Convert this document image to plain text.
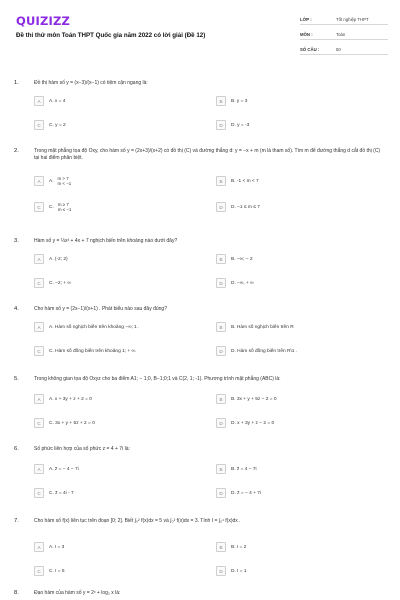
QUIZIZZ
Đề thi thử môn Toán THPT Quốc gia năm 2022 có lời giải (Đề 12)
LỚP :	Tốt nghiệp THPT
MÔN :	Toán
SỐ CÂU :	50
1.	Đồ thị hàm số y = (x−3)/(x−1) có tiệm cận ngang là:
A	A. x = 4	B	B. y = 3
C	C. y = 2	D	D. y = -3
2.	Trong mặt phẳng tọa độ Oxy, cho hàm số y = (2x+3)/(x+2) có đồ thị (C) và đường thẳng d: y = −x + m (m là tham số). Tìm m để đường thẳng d cắt đồ thị (C) tại hai điểm phân biệt.
A	A.
m > 7
m < −1	B	B. -1 < m < 7
C	C.
m ≥ 7
m ≤ −1	D	D. −1 ≤ m ≤ 7
3.	Hàm số y = ⅓x³ + 4x + 7 nghịch biến trên khoảng nào dưới đây?
A	A. (-2; 2)	B	B. −∞; − 2
C	C. −2; + ∞	D	D. −∞, + ∞
4.	Cho hàm số y = (2x−1)/(x+1) . Phát biểu nào sau đây đúng?
A	A. Hàm số nghịch biến trên khoảng −∞; 1 .	B	B. Hàm số nghịch biến trên R
C	C. Hàm số đồng biến trên khoảng 1; + ∞.	D	D. Hàm số đồng biến trên R\1 .
5.	Trong không gian tọa độ Oxyz cho ba điểm A1; − 1;0, B−1;0;1 và C(2, 1; -1). Phương trình mặt phẳng (ABC) là:
A	A. x + 3y + z + 2 = 0	B	B. 3x + y + 5z − 2 = 0
C	C. 3x + y + 5z + 2 = 0	D	D. x + 3y + z − 2 = 0
6.	Số phức liên hợp của số phức z = 4 + 7i là:
A	A. z̄ = − 4 − 7i	B	B. z̄ = 4 − 7i
C	C. z̄ = 4i - 7	D	D. z̄ = − 4 + 7i
7.	Cho hàm số f(x) liên tục trên đoạn [0; 2]. Biết ∫₀² f(x)dx = 5 và ∫₀² f(x)dx = 3. Tính I = ∫₀¹ f(x)dx .
A	A. I = 3	B	B. I = 2
C	C. I = 5	D	D. I = 1
8.	Đạo hàm của hàm số y = 2ˣ + log₂ x là:
